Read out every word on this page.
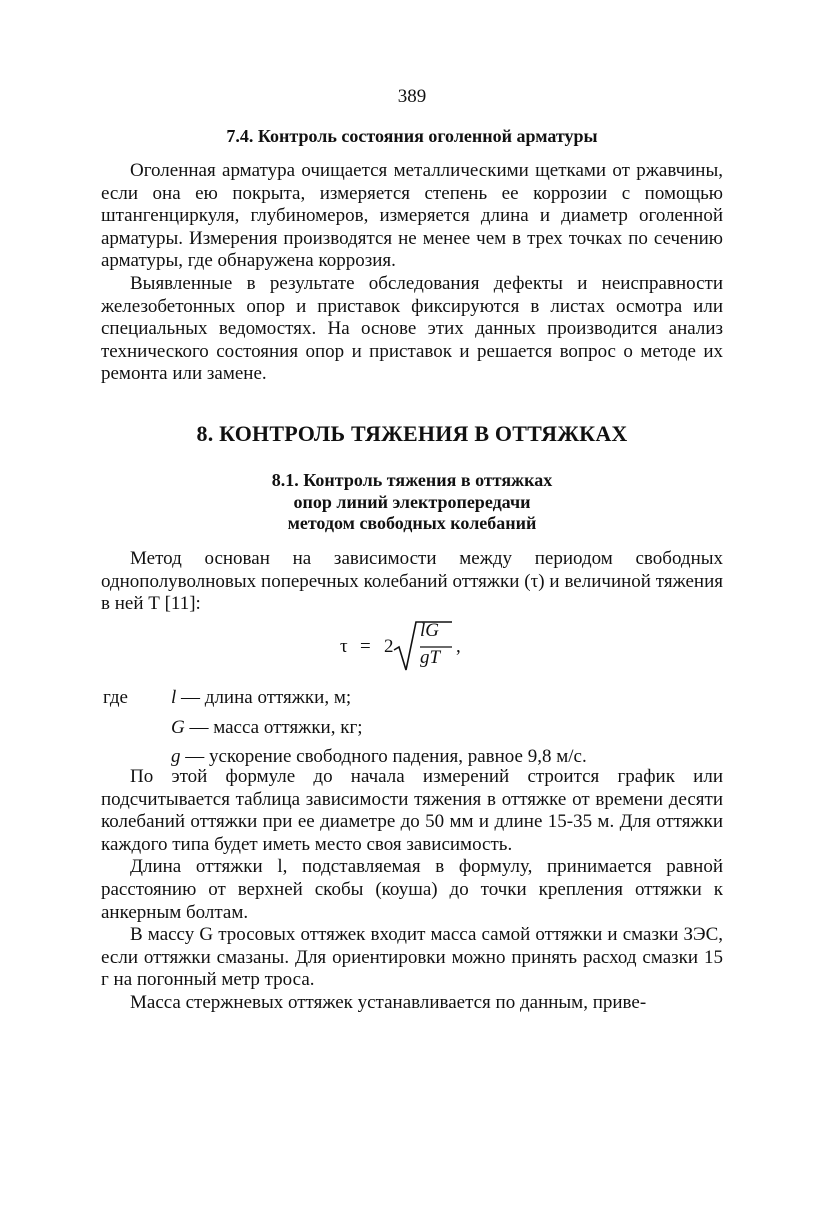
389
7.4. Контроль состояния оголенной арматуры

Оголенная арматура очищается металлическими щетками от ржавчины, если она ею покрыта, измеряется степень ее коррозии с помощью штангенциркуля, глубиномеров, измеряется длина и диаметр оголенной арматуры. Измерения производятся не менее чем в трех точках по сечению арматуры, где обнаружена коррозия.

Выявленные в результате обследования дефекты и неисправности железобетонных опор и приставок фиксируются в листах осмотра или специальных ведомостях. На основе этих данных производится анализ технического состояния опор и приставок и решается вопрос о методе их ремонта или замене.

8. КОНТРОЛЬ ТЯЖЕНИЯ В ОТТЯЖКАХ
8.1. Контроль тяжения в оттяжках
опор линий электропередачи
методом свободных колебаний

Метод основан на зависимости между периодом свободных однополуволновых поперечных колебаний оттяжки (τ) и величиной тяжения в ней Т [11]:

τ = 2
lG
gT
,
где l — длина оттяжки, м;
G — масса оттяжки, кг;
g — ускорение свободного падения, равное 9,8 м/с.

По этой формуле до начала измерений строится график или подсчитывается таблица зависимости тяжения в оттяжке от времени десяти колебаний оттяжки при ее диаметре до 50 мм и длине 15-35 м. Для оттяжки каждого типа будет иметь место своя зависимость.

Длина оттяжки l, подставляемая в формулу, принимается равной расстоянию от верхней скобы (коуша) до точки крепления оттяжки к анкерным болтам.

В массу G тросовых оттяжек входит масса самой оттяжки и смазки ЗЭС, если оттяжки смазаны. Для ориентировки можно принять расход смазки 15 г на погонный метр троса.

Масса стержневых оттяжек устанавливается по данным, приве-
